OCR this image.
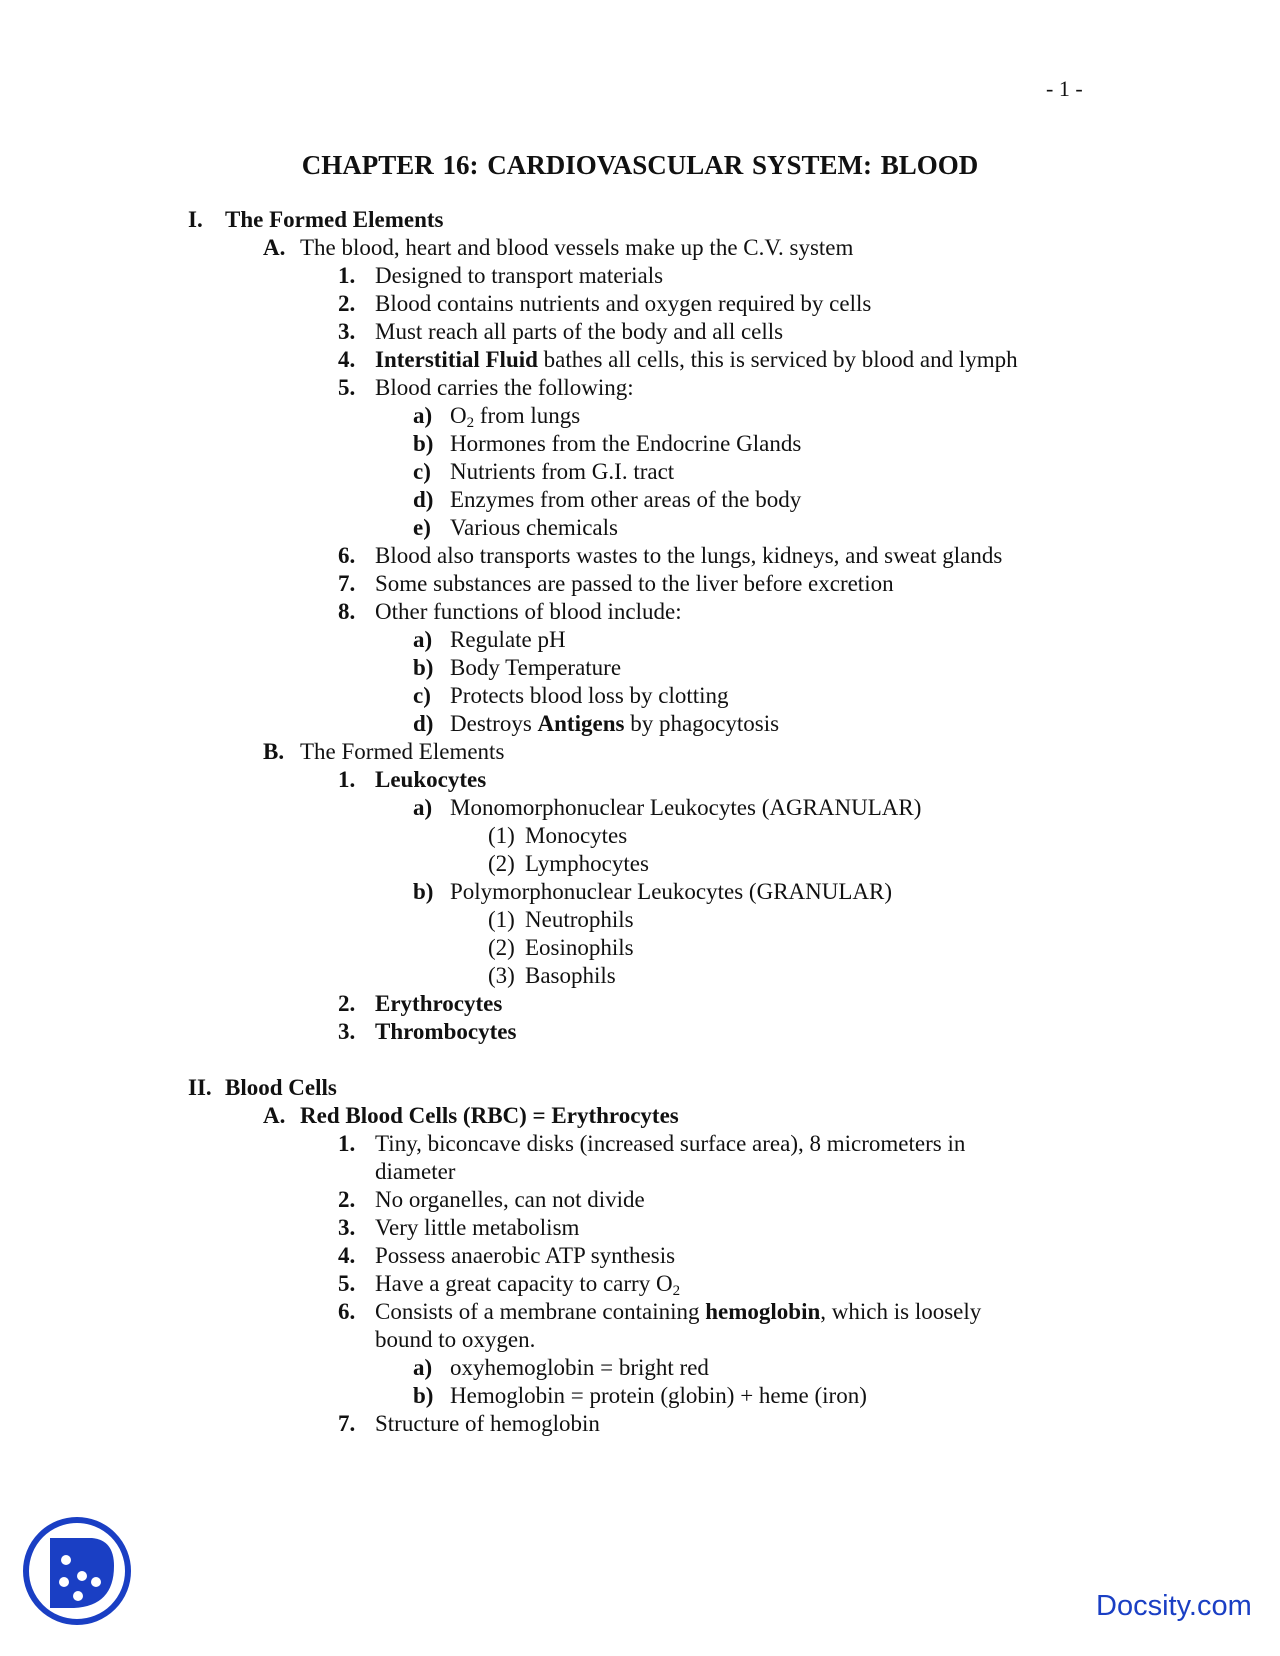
- 1 -
CHAPTER 16: CARDIOVASCULAR SYSTEM: BLOOD
I. The Formed Elements
A. The blood, heart and blood vessels make up the C.V. system
1. Designed to transport materials
2. Blood contains nutrients and oxygen required by cells
3. Must reach all parts of the body and all cells
4. Interstitial Fluid bathes all cells, this is serviced by blood and lymph
5. Blood carries the following:
a) $O_2$ from lungs
b) Hormones from the Endocrine Glands
c) Nutrients from G.I. tract
d) Enzymes from other areas of the body
e) Various chemicals
6. Blood also transports wastes to the lungs, kidneys, and sweat glands
7. Some substances are passed to the liver before excretion
8. Other functions of blood include:
a) Regulate pH
b) Body Temperature
c) Protects blood loss by clotting
d) Destroys Antigens by phagocytosis
B. The Formed Elements
1. Leukocytes
a) Monomorphonuclear Leukocytes (AGRANULAR)
(1) Monocytes
(2) Lymphocytes
b) Polymorphonuclear Leukocytes (GRANULAR)
(1) Neutrophils
(2) Eosinophils
(3) Basophils
2. Erythrocytes
3. Thrombocytes
II. Blood Cells
A. Red Blood Cells (RBC) = Erythrocytes
1. Tiny, biconcave disks (increased surface area), 8 micrometers in
diameter
2. No organelles, can not divide
3. Very little metabolism
4. Possess anaerobic ATP synthesis
5. Have a great capacity to carry $O_2$
6. Consists of a membrane containing hemoglobin, which is loosely
bound to oxygen.
a) oxyhemoglobin = bright red
b) Hemoglobin = protein (globin) + heme (iron)
7. Structure of hemoglobin
Docsity.com
